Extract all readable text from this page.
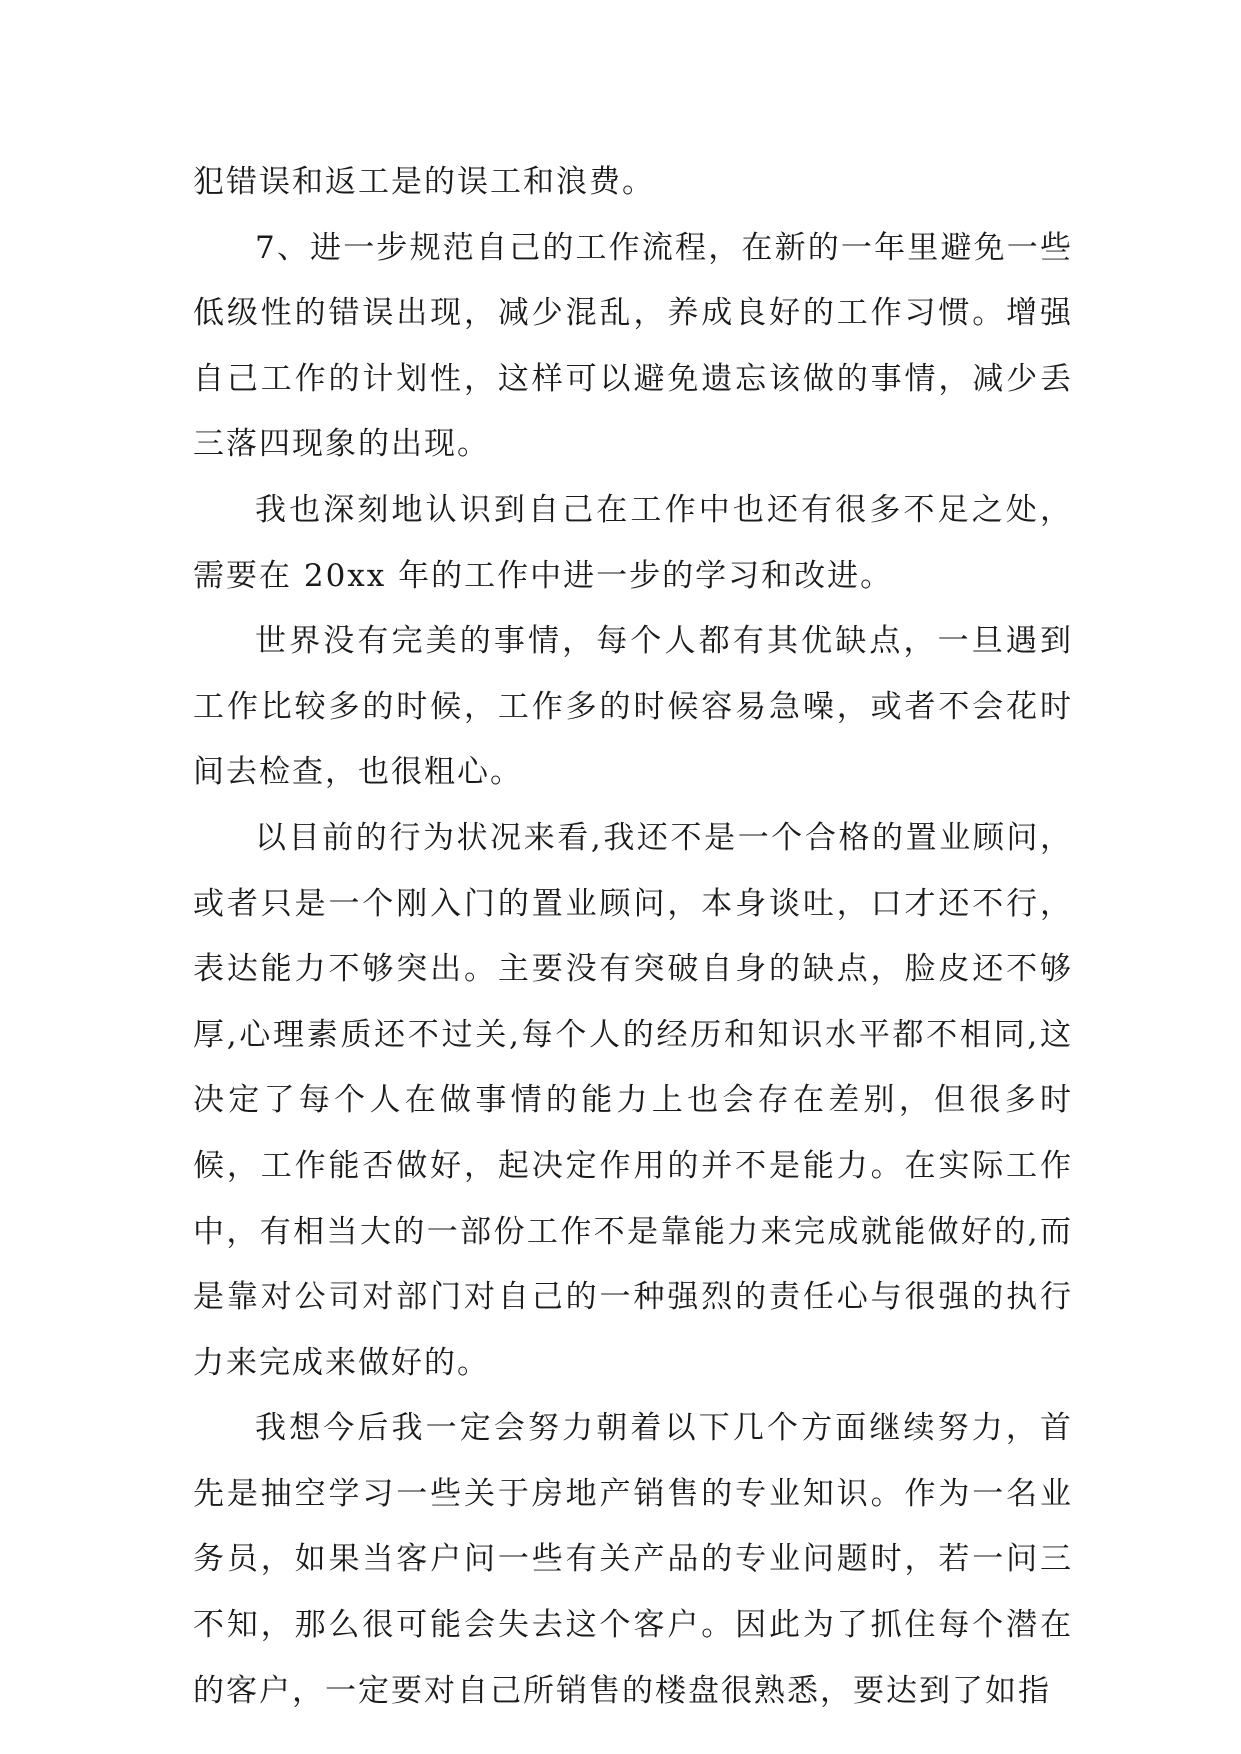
犯错误和返工是的误工和浪费。

7、进一步规范自己的工作流程，在新的一年里避免一些低级性的错误出现，减少混乱，养成良好的工作习惯。增强自己工作的计划性，这样可以避免遗忘该做的事情，减少丢三落四现象的出现。

我也深刻地认识到自己在工作中也还有很多不足之处，需要在 20xx 年的工作中进一步的学习和改进。

世界没有完美的事情，每个人都有其优缺点，一旦遇到工作比较多的时候，工作多的时候容易急噪，或者不会花时间去检查，也很粗心。

以目前的行为状况来看,我还不是一个合格的置业顾问，或者只是一个刚入门的置业顾问，本身谈吐，口才还不行，表达能力不够突出。主要没有突破自身的缺点，脸皮还不够厚,心理素质还不过关,每个人的经历和知识水平都不相同,这决定了每个人在做事情的能力上也会存在差别，但很多时候，工作能否做好，起决定作用的并不是能力。在实际工作中，有相当大的一部份工作不是靠能力来完成就能做好的,而是靠对公司对部门对自己的一种强烈的责任心与很强的执行力来完成来做好的。

我想今后我一定会努力朝着以下几个方面继续努力，首先是抽空学习一些关于房地产销售的专业知识。作为一名业务员，如果当客户问一些有关产品的专业问题时，若一问三不知，那么很可能会失去这个客户。因此为了抓住每个潜在的客户，一定要对自己所销售的楼盘很熟悉，要达到了如指
